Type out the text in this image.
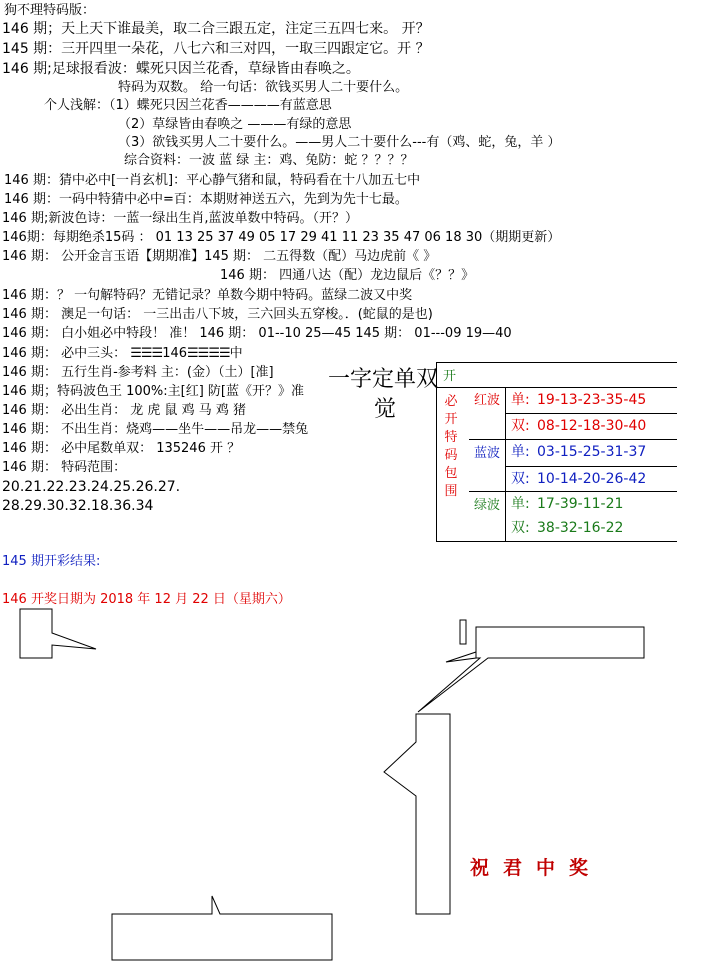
狗不理特码版：
146 期；天上天下谁最美，取二合三跟五定，注定三五四七来。 开？
145 期：三开四里一朵花，八七六和三对四，一取三四跟定它。开 ？
146 期;足球报看波：蝶死只因兰花香，草绿皆由春唤之。
特码为双数。 给一句话：欲钱买男人二十要什么。
个人浅解：（1）蝶死只因兰花香————有蓝意思
（2）草绿皆由春唤之 ———有绿的意思
（3）欲钱买男人二十要什么。——男人二十要什么---有（鸡、蛇，兔，羊 ）
综合资料：一波 蓝 绿 主：鸡、兔防：蛇 ？？？？
146 期：猜中必中[一肖玄机]：平心静气猪和鼠，特码看在十八加五七中
146 期：一码中特猜中必中=百：本期财神送五六，先到为先十七最。
146 期;新波色诗：一蓝一绿出生肖,蓝波单数中特码。（开？）
146期：每期绝杀15码 ： 01 13 25 37 49 05 17 29 41 11 23 35 47 06 18 30（期期更新）
146 期： 公开金言玉语【期期准】145 期： 二五得数（配）马边虎前《 》
146 期： 四通八达（配）龙边鼠后《？？》
146 期：？ 一句解特码？无错记录？单数今期中特码。蓝绿二波又中奖
146 期： 澳足一句话： 一三出击八下坡，三六回头五穿梭。．(蛇鼠的是也)
146 期： 白小姐必中特段！ 准！ 146 期： 01--10 25—45 145 期： 01---09 19—40
146 期： 必中三头： ☰☰☰146☰☰☰☰中
146 期： 五行生肖-参考料 主：(金）（土）[准]
146 期；特码波色王 100%:主[红] 防[蓝《开？》准
146 期： 必出生肖： 龙 虎 鼠 鸡 马 鸡 猪
146 期： 不出生肖：烧鸡——坐牛——吊龙——禁兔
146 期： 必中尾数单双： 135246 开 ？
146 期： 特码范围：
20.21.22.23.24.25.26.27.
28.29.30.32.18.36.34
一字定单双
觉
开
必开特码包围
红波 单: 19-13-23-35-45
双: 08-12-18-30-40
蓝波 单: 03-15-25-31-37
双: 10-14-20-26-42
绿波 单: 17-39-11-21
双: 38-32-16-22
145 期开彩结果:
146 开奖日期为 2018 年 12 月 22 日（星期六）
祝君中奖
